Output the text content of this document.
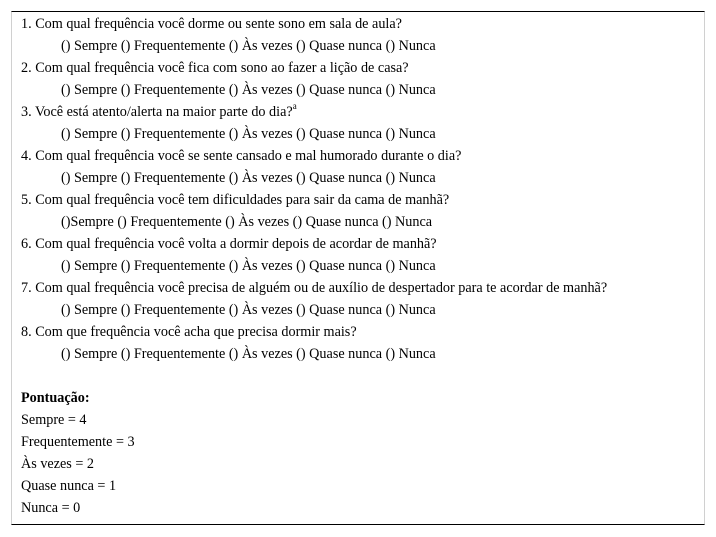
1. Com qual frequência você dorme ou sente sono em sala de aula?
() Sempre () Frequentemente () Às vezes () Quase nunca () Nunca
2. Com qual frequência você fica com sono ao fazer a lição de casa?
() Sempre () Frequentemente () Às vezes () Quase nunca () Nunca
3. Você está atento/alerta na maior parte do dia?$^a$
() Sempre () Frequentemente () Às vezes () Quase nunca () Nunca
4. Com qual frequência você se sente cansado e mal humorado durante o dia?
() Sempre () Frequentemente () Às vezes () Quase nunca () Nunca
5. Com qual frequência você tem dificuldades para sair da cama de manhã?
()Sempre () Frequentemente () Às vezes () Quase nunca () Nunca
6. Com qual frequência você volta a dormir depois de acordar de manhã?
() Sempre () Frequentemente () Às vezes () Quase nunca () Nunca
7. Com qual frequência você precisa de alguém ou de auxílio de despertador para te acordar de manhã?
() Sempre () Frequentemente () Às vezes () Quase nunca () Nunca
8. Com que frequência você acha que precisa dormir mais?
() Sempre () Frequentemente () Às vezes () Quase nunca () Nunca
Pontuação:
Sempre = 4
Frequentemente = 3
Às vezes = 2
Quase nunca = 1
Nunca = 0
